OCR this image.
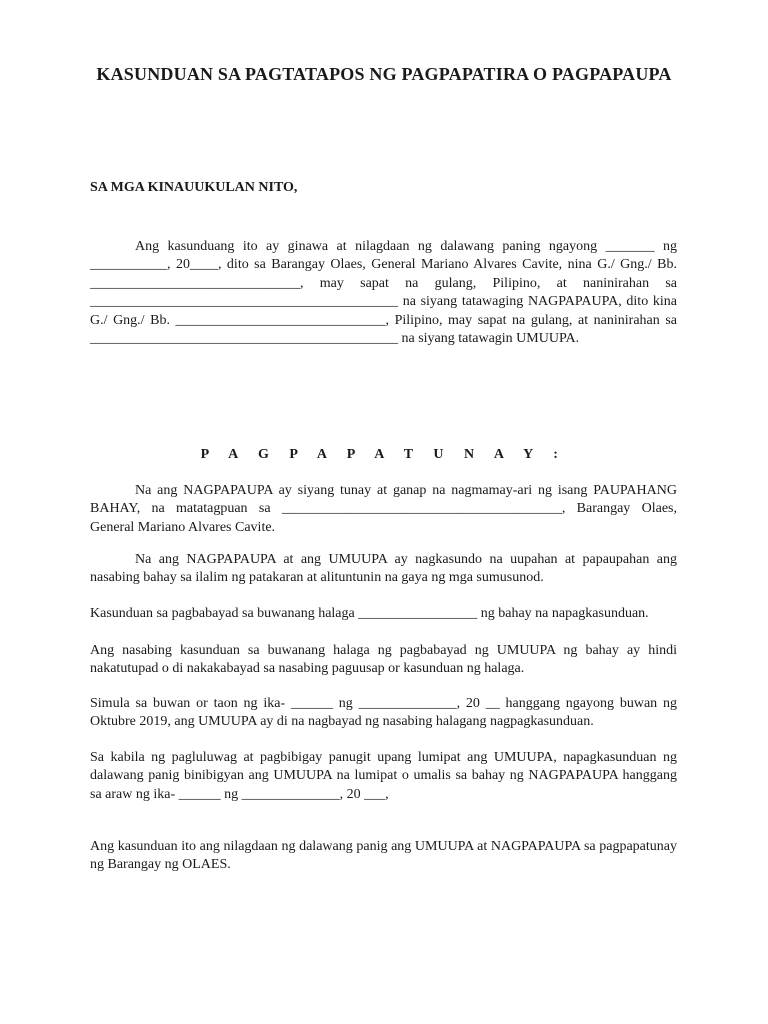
KASUNDUAN SA PAGTATAPOS NG PAGPAPATIRA O PAGPAPAUPA
SA MGA KINAUUKULAN NITO,

Ang kasunduang ito ay ginawa at nilagdaan ng dalawang paning ngayong _______ ng ___________, 20____, dito sa Barangay Olaes, General Mariano Alvares Cavite, nina G./ Gng./ Bb. ______________________________, may sapat na gulang, Pilipino, at naninirahan sa ____________________________________________ na siyang tatawaging NAGPAPAUPA, dito kina G./ Gng./ Bb. ______________________________, Pilipino, may sapat na gulang, at naninirahan sa ____________________________________________ na siyang tatawagin UMUUPA.

P A G P A P A T U N A Y :

Na ang NAGPAPAUPA ay siyang tunay at ganap na nagmamay-ari ng isang PAUPAHANG BAHAY, na matatagpuan sa ________________________________________, Barangay Olaes, General Mariano Alvares Cavite.

Na ang NAGPAPAUPA at ang UMUUPA ay nagkasundo na uupahan at papaupahan ang nasabing bahay sa ilalim ng patakaran at alituntunin na gaya ng mga sumusunod.

Kasunduan sa pagbabayad sa buwanang halaga _________________ ng bahay na napagkasunduan.

Ang nasabing kasunduan sa buwanang halaga ng pagbabayad ng UMUUPA ng bahay ay hindi nakatutupad o di nakakabayad sa nasabing paguusap or kasunduan ng halaga.

Simula sa buwan or taon ng ika- ______ ng ______________, 20 __ hanggang ngayong buwan ng Oktubre 2019, ang UMUUPA ay di na nagbayad ng nasabing halagang nagpagkasunduan.

Sa kabila ng pagluluwag at pagbibigay panugit upang lumipat ang UMUUPA, napagkasunduan ng dalawang panig binibigyan ang UMUUPA na lumipat o umalis sa bahay ng NAGPAPAUPA hanggang sa araw ng ika- ______ ng ______________, 20 ___,

Ang kasunduan ito ang nilagdaan ng dalawang panig ang UMUUPA at NAGPAPAUPA sa pagpapatunay ng Barangay ng OLAES.
